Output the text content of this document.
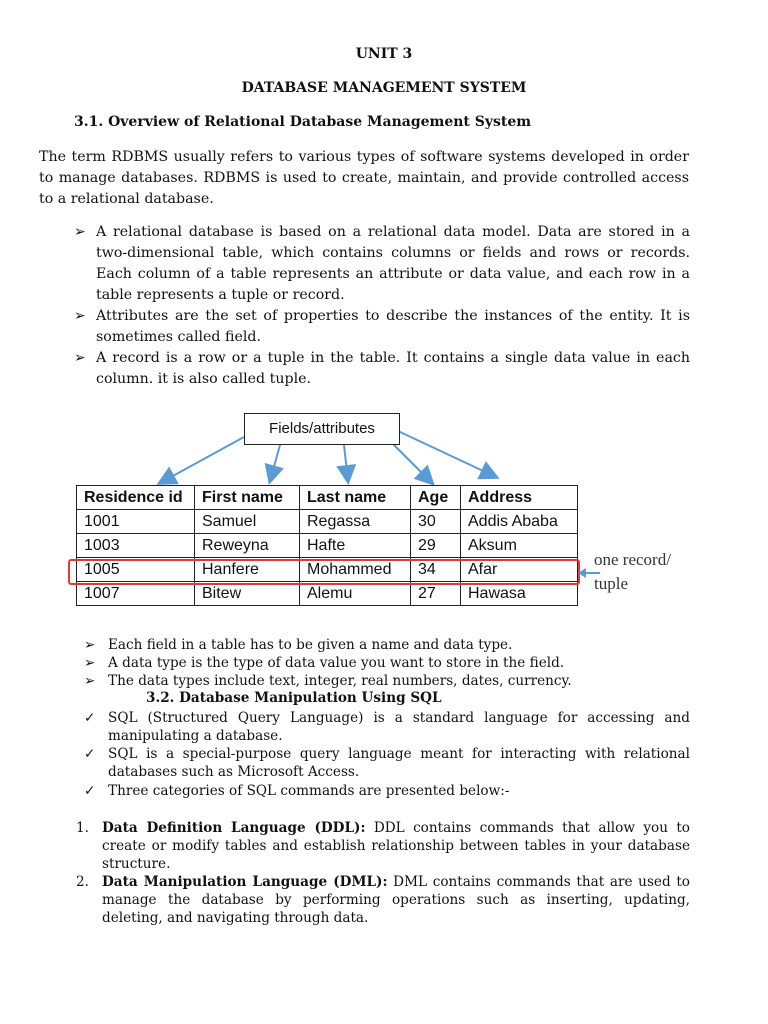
UNIT 3
DATABASE MANAGEMENT SYSTEM
3.1. Overview of Relational Database Management System
The term RDBMS usually refers to various types of software systems developed in order to manage databases. RDBMS is used to create, maintain, and provide controlled access to a relational database.
➢ A relational database is based on a relational data model. Data are stored in a two-dimensional table, which contains columns or fields and rows or records. Each column of a table represents an attribute or data value, and each row in a table represents a tuple or record.
➢ Attributes are the set of properties to describe the instances of the entity. It is sometimes called field.
➢ A record is a row or a tuple in the table. It contains a single data value in each column. it is also called tuple.
Fields/attributes
Residence id	First name	Last name	Age	Address
1001	Samuel	Regassa	30	Addis Ababa
1003	Reweyna	Hafte	29	Aksum
1005	Hanfere	Mohammed	34	Afar
1007	Bitew	Alemu	27	Hawasa
one record/
tuple
➢ Each field in a table has to be given a name and data type.
➢ A data type is the type of data value you want to store in the field.
➢ The data types include text, integer, real numbers, dates, currency.
3.2. Database Manipulation Using SQL
✓ SQL (Structured Query Language) is a standard language for accessing and manipulating a database.
✓ SQL is a special-purpose query language meant for interacting with relational databases such as Microsoft Access.
✓ Three categories of SQL commands are presented below:-
1. Data Definition Language (DDL): DDL contains commands that allow you to create or modify tables and establish relationship between tables in your database structure.
2. Data Manipulation Language (DML): DML contains commands that are used to manage the database by performing operations such as inserting, updating, deleting, and navigating through data.
